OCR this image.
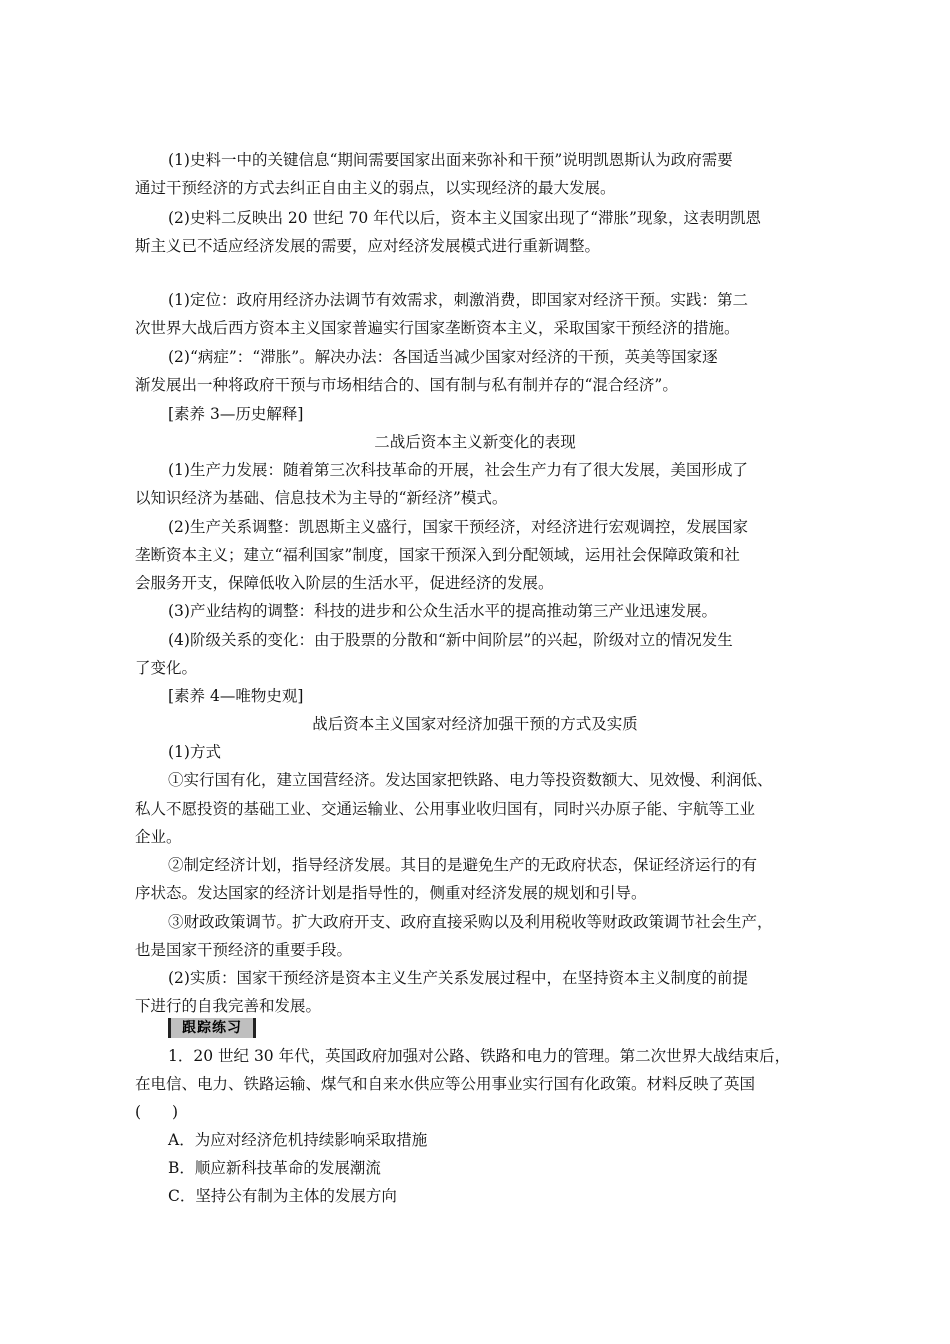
(1)史料一中的关键信息“期间需要国家出面来弥补和干预”说明凯恩斯认为政府需要
通过干预经济的方式去纠正自由主义的弱点，以实现经济的最大发展。
(2)史料二反映出 20 世纪 70 年代以后，资本主义国家出现了“滞胀”现象，这表明凯恩
斯主义已不适应经济发展的需要，应对经济发展模式进行重新调整。
(1)定位：政府用经济办法调节有效需求，刺激消费，即国家对经济干预。实践：第二
次世界大战后西方资本主义国家普遍实行国家垄断资本主义，采取国家干预经济的措施。
(2)“病症”：“滞胀”。解决办法：各国适当减少国家对经济的干预，英美等国家逐
渐发展出一种将政府干预与市场相结合的、国有制与私有制并存的“混合经济”。
[素养 3—历史解释]
二战后资本主义新变化的表现
(1)生产力发展：随着第三次科技革命的开展，社会生产力有了很大发展，美国形成了
以知识经济为基础、信息技术为主导的“新经济”模式。
(2)生产关系调整：凯恩斯主义盛行，国家干预经济，对经济进行宏观调控，发展国家
垄断资本主义；建立“福利国家”制度，国家干预深入到分配领域，运用社会保障政策和社
会服务开支，保障低收入阶层的生活水平，促进经济的发展。
(3)产业结构的调整：科技的进步和公众生活水平的提高推动第三产业迅速发展。
(4)阶级关系的变化：由于股票的分散和“新中间阶层”的兴起，阶级对立的情况发生
了变化。
[素养 4—唯物史观]
战后资本主义国家对经济加强干预的方式及实质
(1)方式
①实行国有化，建立国营经济。发达国家把铁路、电力等投资数额大、见效慢、利润低、
私人不愿投资的基础工业、交通运输业、公用事业收归国有，同时兴办原子能、宇航等工业
企业。
②制定经济计划，指导经济发展。其目的是避免生产的无政府状态，保证经济运行的有
序状态。发达国家的经济计划是指导性的，侧重对经济发展的规划和引导。
③财政政策调节。扩大政府开支、政府直接采购以及利用税收等财政政策调节社会生产，
也是国家干预经济的重要手段。
(2)实质：国家干预经济是资本主义生产关系发展过程中，在坚持资本主义制度的前提
下进行的自我完善和发展。
跟踪练习
1．20 世纪 30 年代，英国政府加强对公路、铁路和电力的管理。第二次世界大战结束后，
在电信、电力、铁路运输、煤气和自来水供应等公用事业实行国有化政策。材料反映了英国
(　　)
A．为应对经济危机持续影响采取措施
B．顺应新科技革命的发展潮流
C．坚持公有制为主体的发展方向
